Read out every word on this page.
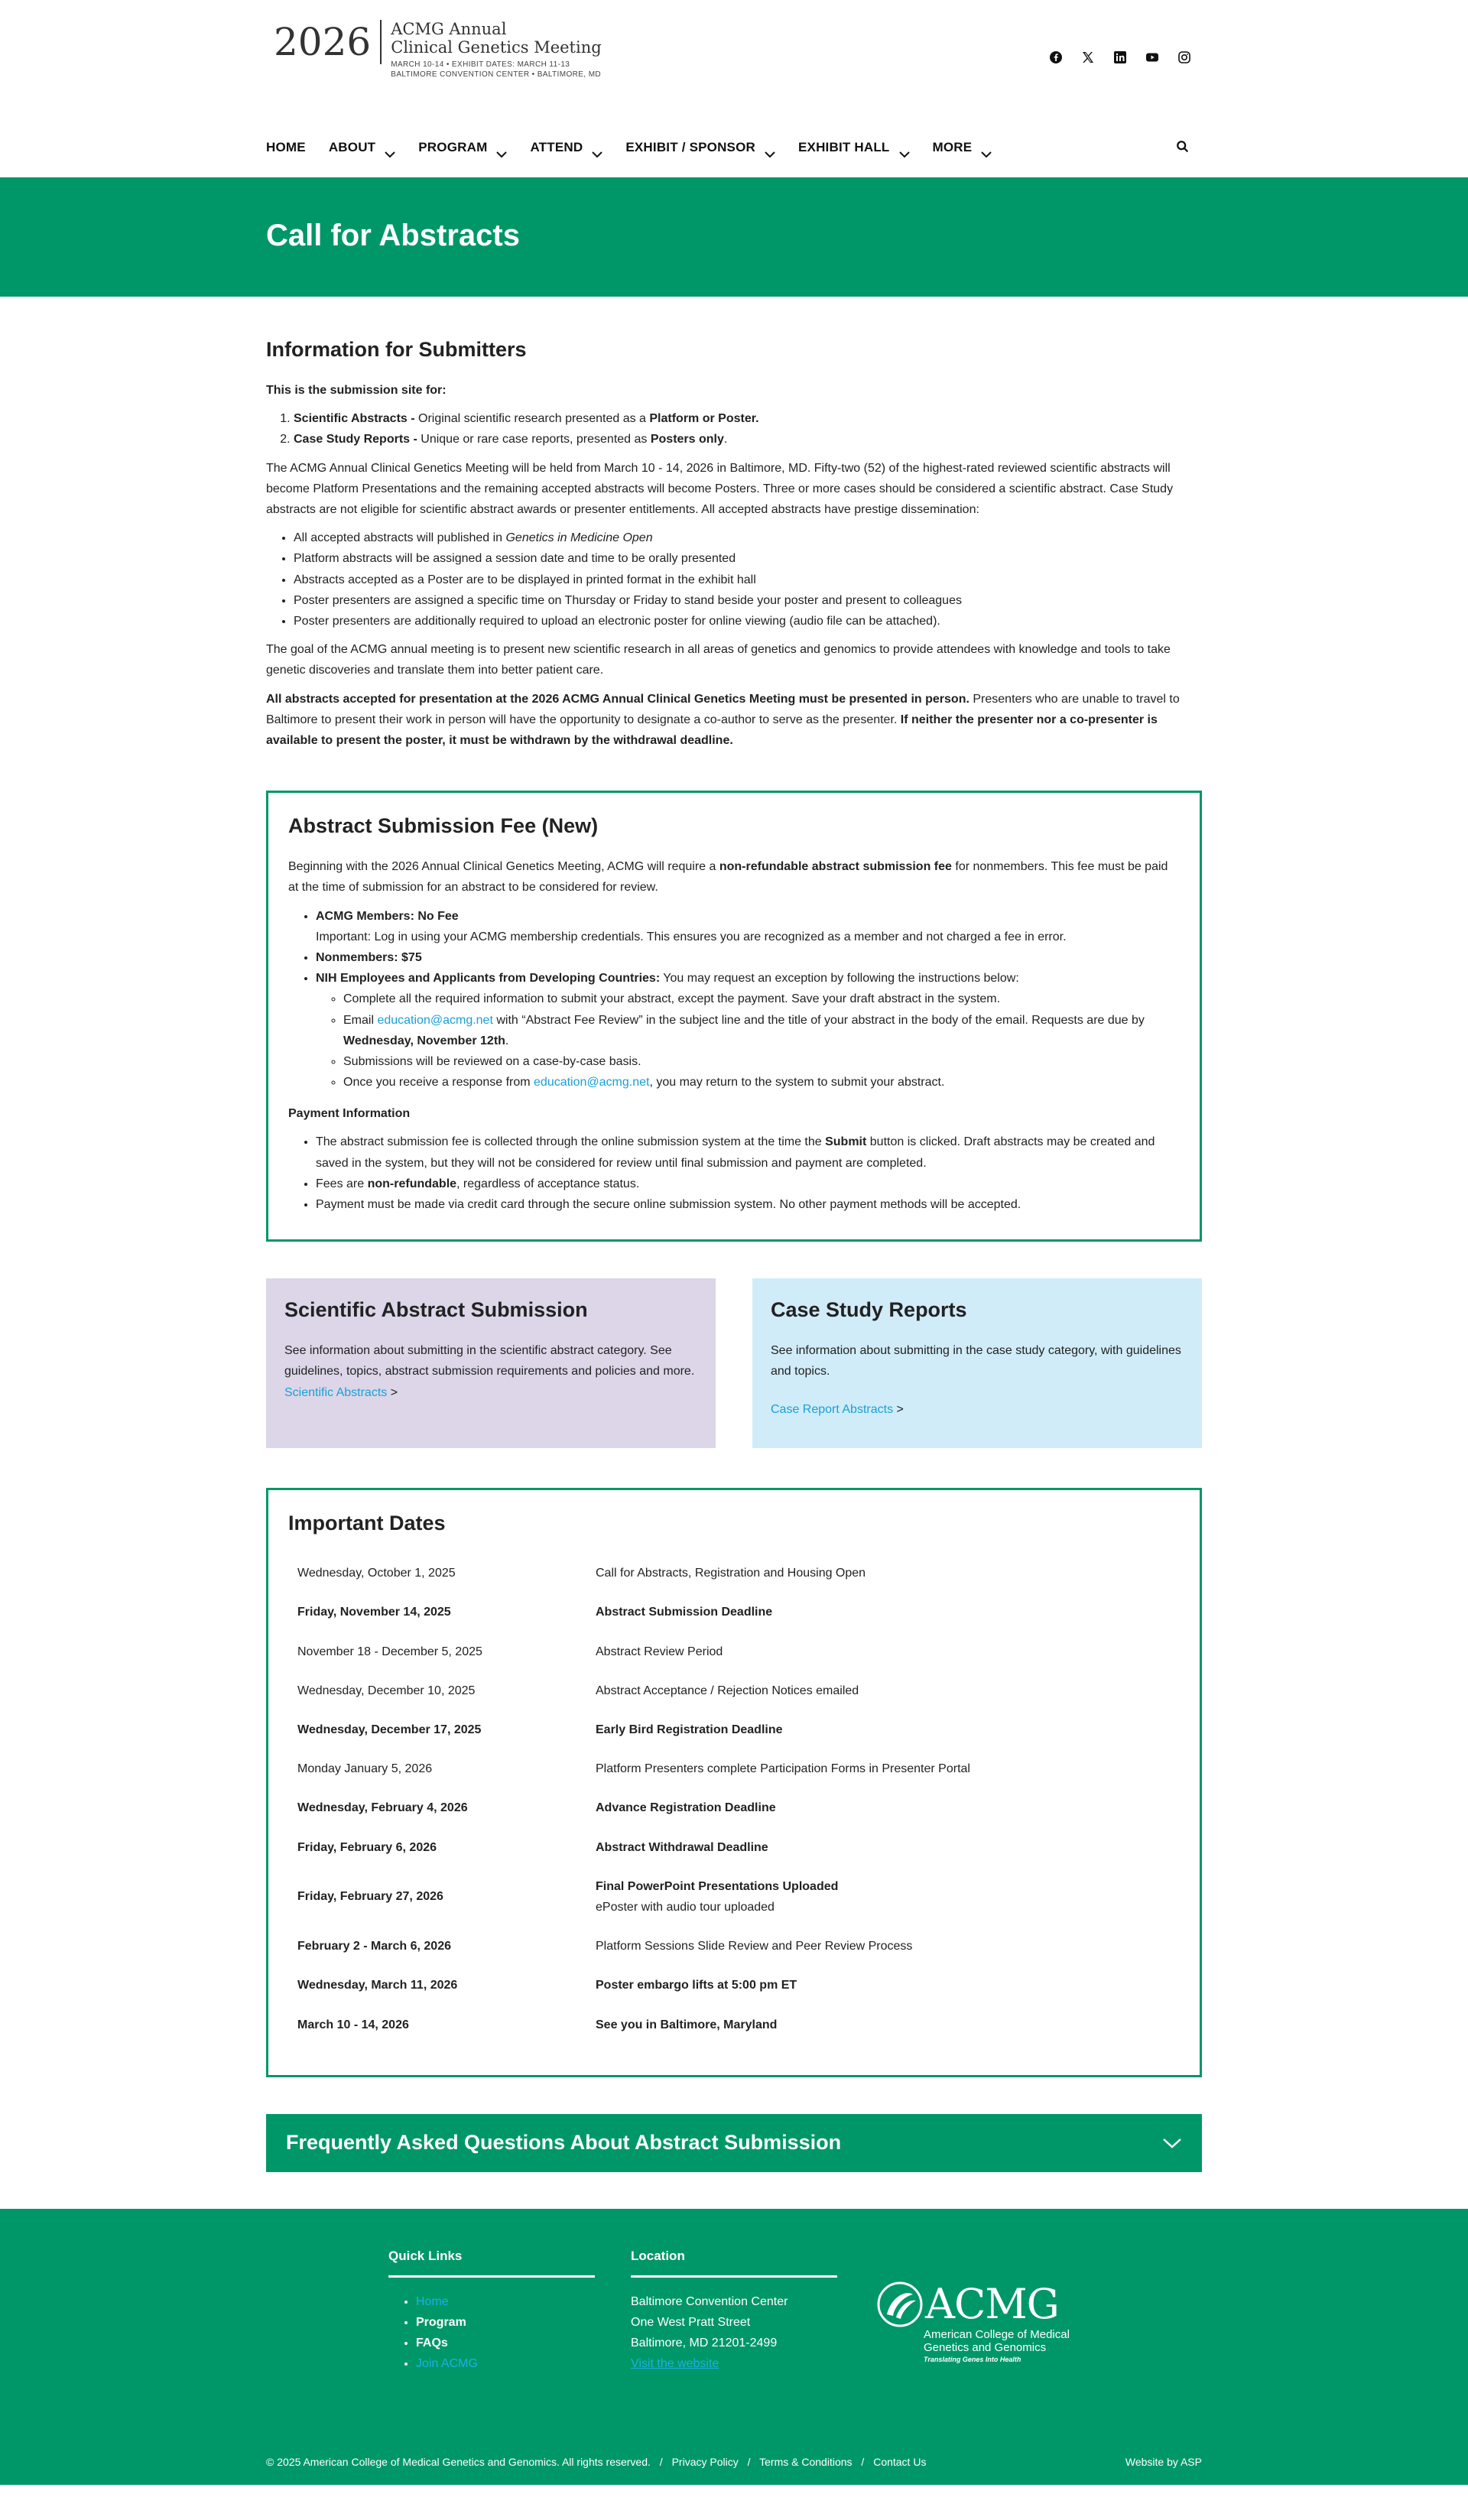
2026	ACMG Annual
Clinical Genetics Meeting
MARCH 10-14 • EXHIBIT DATES: MARCH 11-13
BALTIMORE CONVENTION CENTER • BALTIMORE, MD
HOME ABOUT	PROGRAM	ATTEND	EXHIBIT / SPONSOR	EXHIBIT HALL	MORE
Call for Abstracts
Information for Submitters

This is the submission site for:

1. Scientific Abstracts - Original scientific research presented as a Platform or Poster.
2. Case Study Reports - Unique or rare case reports, presented as Posters only.

The ACMG Annual Clinical Genetics Meeting will be held from March 10 - 14, 2026 in Baltimore, MD. Fifty-two (52) of the highest-rated reviewed scientific abstracts will become Platform Presentations and the remaining accepted abstracts will become Posters. Three or more cases should be considered a scientific abstract. Case Study abstracts are not eligible for scientific abstract awards or presenter entitlements. All accepted abstracts have prestige dissemination:

• All accepted abstracts will published in Genetics in Medicine Open
• Platform abstracts will be assigned a session date and time to be orally presented
• Abstracts accepted as a Poster are to be displayed in printed format in the exhibit hall
• Poster presenters are assigned a specific time on Thursday or Friday to stand beside your poster and present to colleagues
• Poster presenters are additionally required to upload an electronic poster for online viewing (audio file can be attached).

The goal of the ACMG annual meeting is to present new scientific research in all areas of genetics and genomics to provide attendees with knowledge and tools to take genetic discoveries and translate them into better patient care.

All abstracts accepted for presentation at the 2026 ACMG Annual Clinical Genetics Meeting must be presented in person. Presenters who are unable to travel to Baltimore to present their work in person will have the opportunity to designate a co-author to serve as the presenter. If neither the presenter nor a co-presenter is available to present the poster, it must be withdrawn by the withdrawal deadline.

Abstract Submission Fee (New)

Beginning with the 2026 Annual Clinical Genetics Meeting, ACMG will require a non-refundable abstract submission fee for nonmembers. This fee must be paid at the time of submission for an abstract to be considered for review.

• ACMG Members: No Fee
Important: Log in using your ACMG membership credentials. This ensures you are recognized as a member and not charged a fee in error.
• Nonmembers: $75
• NIH Employees and Applicants from Developing Countries: You may request an exception by following the instructions below:
◦ Complete all the required information to submit your abstract, except the payment. Save your draft abstract in the system.
◦ Email education@acmg.net with “Abstract Fee Review” in the subject line and the title of your abstract in the body of the email. Requests are due by Wednesday, November 12th.
◦ Submissions will be reviewed on a case-by-case basis.
◦ Once you receive a response from education@acmg.net, you may return to the system to submit your abstract.

Payment Information

• The abstract submission fee is collected through the online submission system at the time the Submit button is clicked. Draft abstracts may be created and saved in the system, but they will not be considered for review until final submission and payment are completed.
• Fees are non-refundable, regardless of acceptance status.
• Payment must be made via credit card through the secure online submission system. No other payment methods will be accepted.
Scientific Abstract Submission

See information about submitting in the scientific abstract category. See guidelines, topics, abstract submission requirements and policies and more.

Scientific Abstracts >
Case Study Reports

See information about submitting in the case study category, with guidelines and topics.

Case Report Abstracts >
Important Dates
Wednesday, October 1, 2025	Call for Abstracts, Registration and Housing Open

Friday, November 14, 2025	Abstract Submission Deadline

November 18 - December 5, 2025	Abstract Review Period

Wednesday, December 10, 2025	Abstract Acceptance / Rejection Notices emailed

Wednesday, December 17, 2025	Early Bird Registration Deadline

Monday January 5, 2026	Platform Presenters complete Participation Forms in Presenter Portal

Wednesday, February 4, 2026	Advance Registration Deadline

Friday, February 6, 2026	Abstract Withdrawal Deadline

Friday, February 27, 2026	Final PowerPoint Presentations Uploaded
ePoster with audio tour uploaded

February 2 - March 6, 2026	Platform Sessions Slide Review and Peer Review Process

Wednesday, March 11, 2026	Poster embargo lifts at 5:00 pm ET

March 10 - 14, 2026	See you in Baltimore, Maryland
Frequently Asked Questions About Abstract Submission
Quick Links
• Home
• Program
• FAQs
• Join ACMG
Location

Baltimore Convention Center

One West Pratt Street

Baltimore, MD 21201-2499

Visit the website

ACMG
American College of Medical
Genetics and Genomics
Translating Genes Into Health
© 2025 American College of Medical Genetics and Genomics. All rights reserved. / Privacy Policy / Terms & Conditions / Contact Us	Website by ASP
